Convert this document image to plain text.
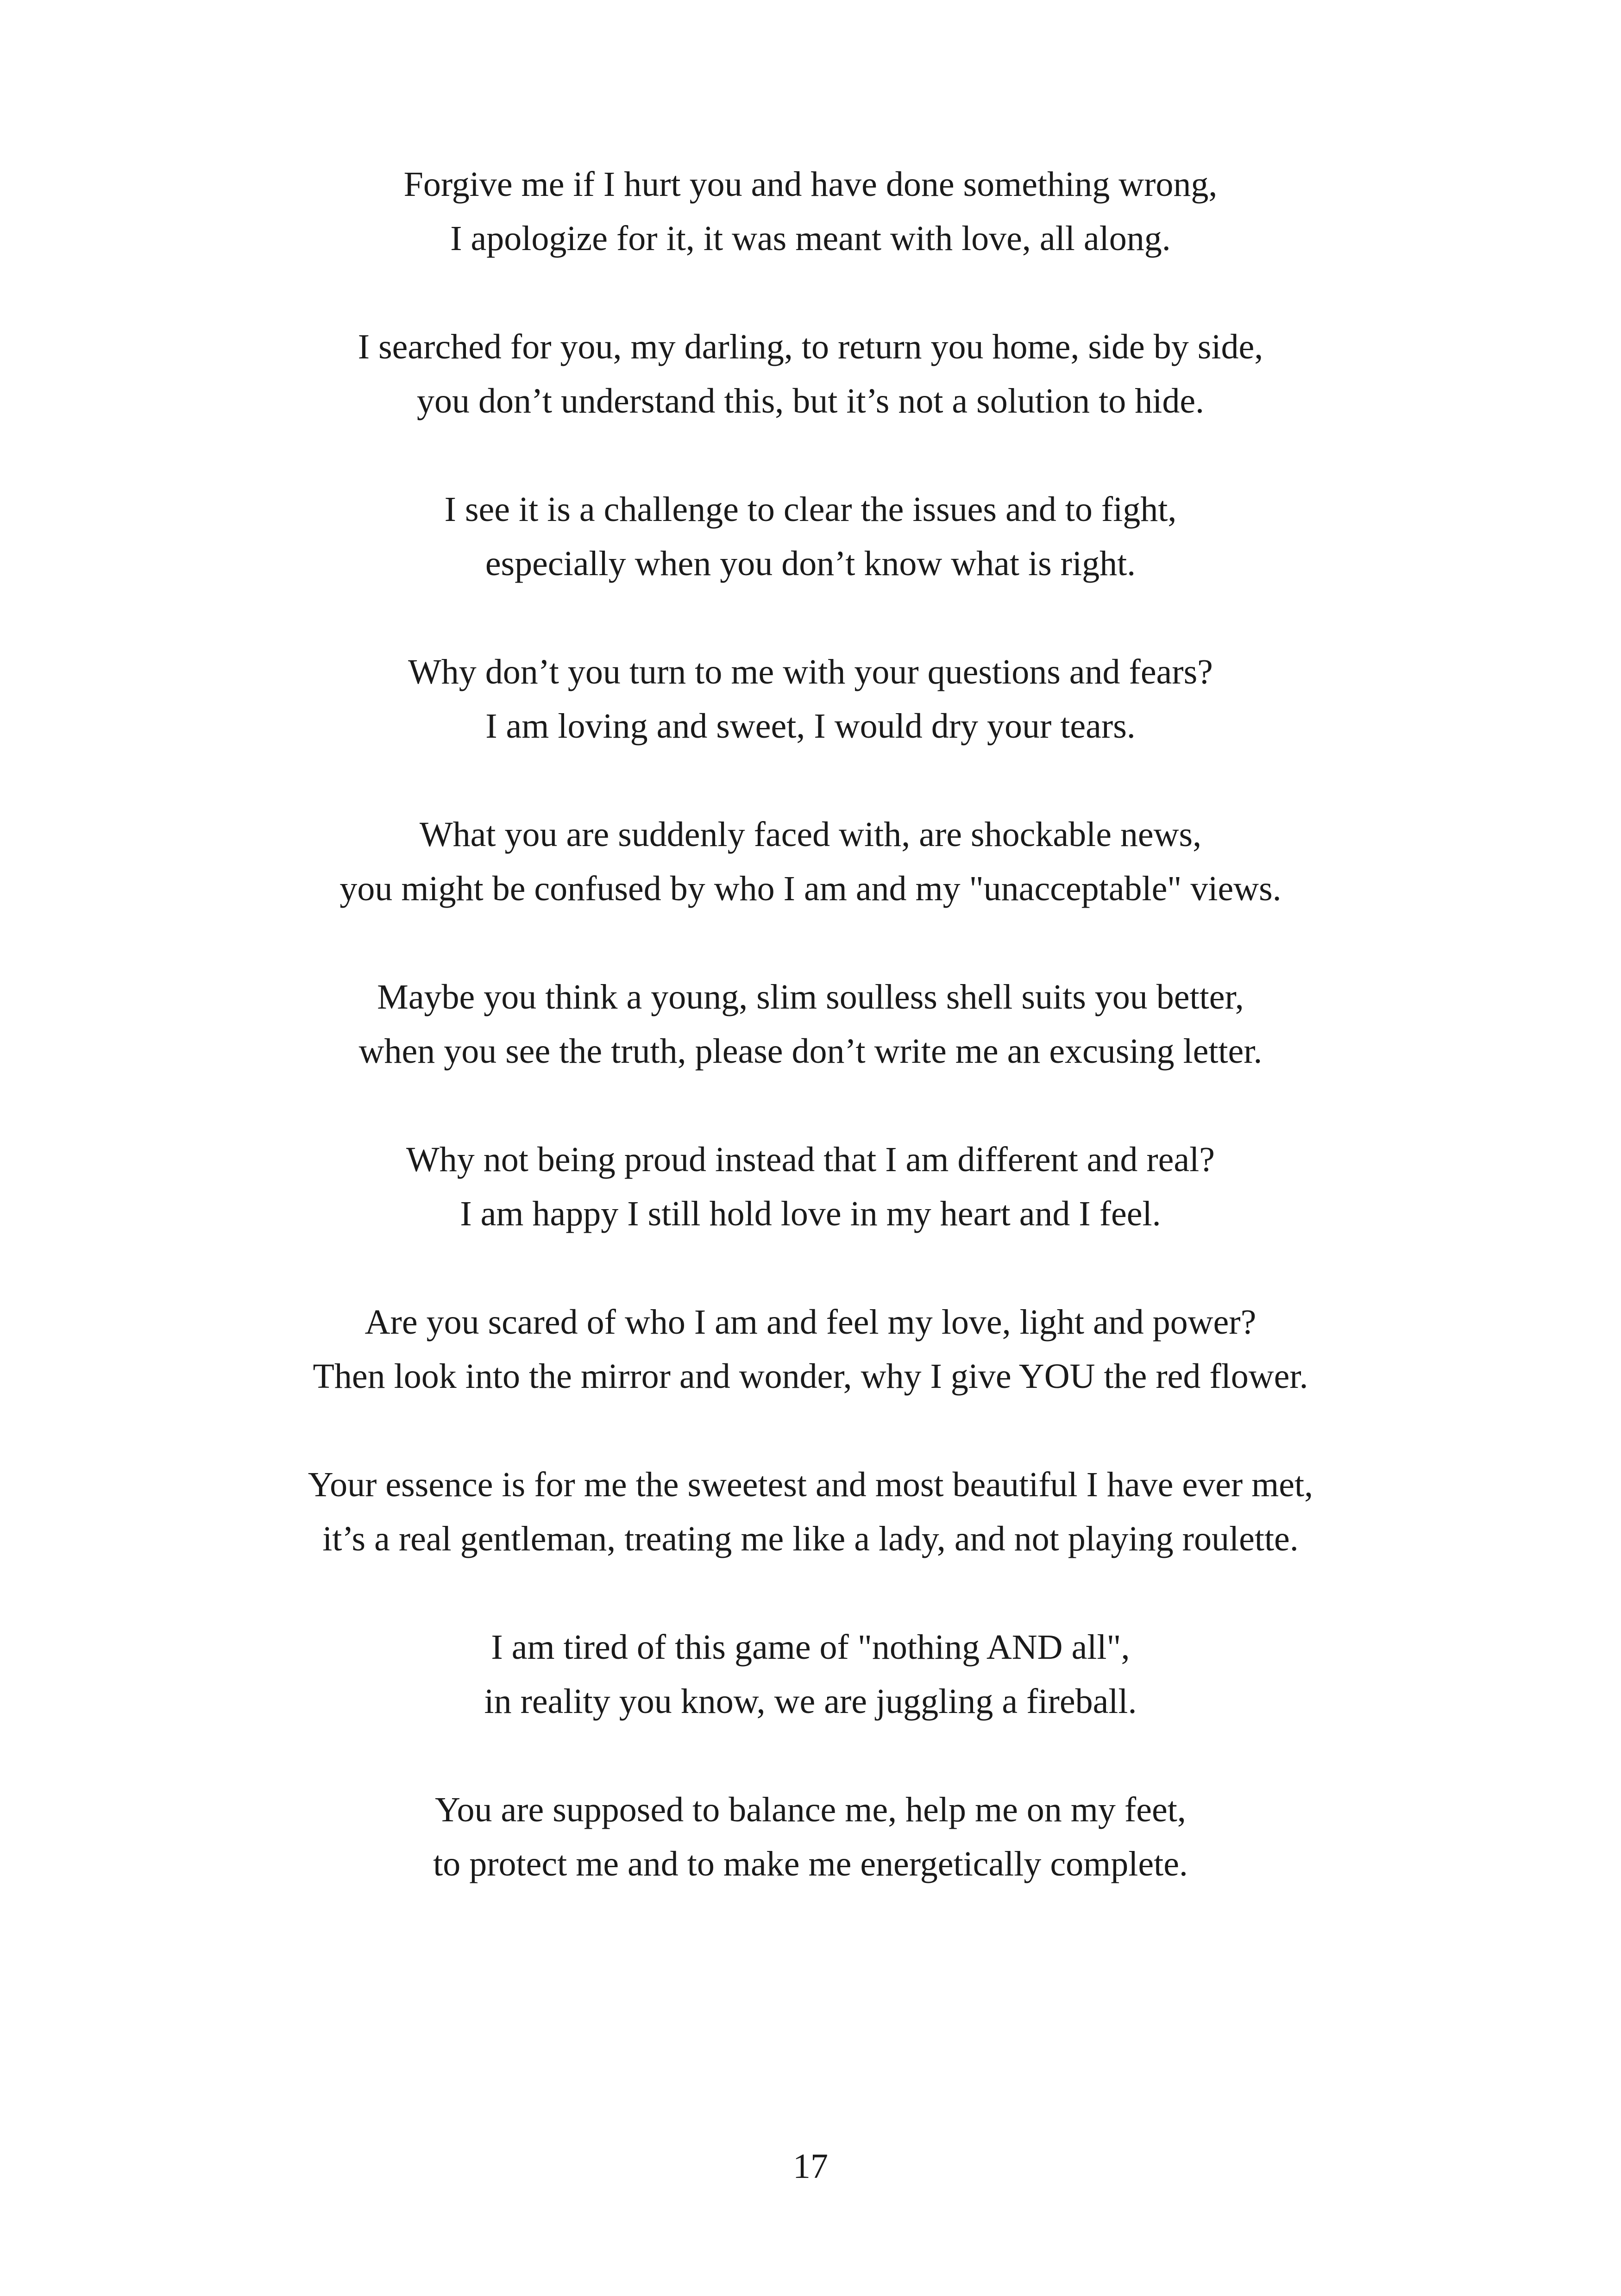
Forgive me if I hurt you and have done something wrong,
I apologize for it, it was meant with love, all along.
I searched for you, my darling, to return you home, side by side,
you don’t understand this, but it’s not a solution to hide.
I see it is a challenge to clear the issues and to fight,
especially when you don’t know what is right.
Why don’t you turn to me with your questions and fears?
I am loving and sweet, I would dry your tears.
What you are suddenly faced with, are shockable news,
you might be confused by who I am and my "unacceptable" views.
Maybe you think a young, slim soulless shell suits you better,
when you see the truth, please don’t write me an excusing letter.
Why not being proud instead that I am different and real?
I am happy I still hold love in my heart and I feel.
Are you scared of who I am and feel my love, light and power?
Then look into the mirror and wonder, why I give YOU the red flower.
Your essence is for me the sweetest and most beautiful I have ever met,
it’s a real gentleman, treating me like a lady, and not playing roulette.
I am tired of this game of "nothing AND all",
in reality you know, we are juggling a fireball.
You are supposed to balance me, help me on my feet,
to protect me and to make me energetically complete.
17
